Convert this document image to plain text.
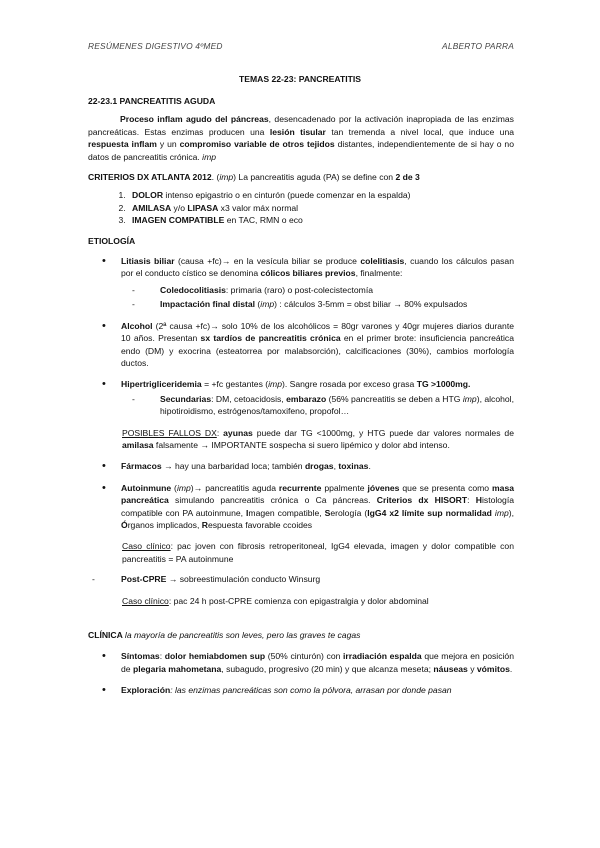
RESÚMENES DIGESTIVO 4ºMED	ALBERTO PARRA
TEMAS 22-23: PANCREATITIS

22-23.1 PANCREATITIS AGUDA

Proceso inflam agudo del páncreas, desencadenado por la activación inapropiada de las enzimas pancreáticas. Estas enzimas producen una lesión tisular tan tremenda a nivel local, que induce una respuesta inflam y un compromiso variable de otros tejidos distantes, independientemente de si hay o no datos de pancreatitis crónica. imp

CRITERIOS DX ATLANTA 2012. (imp) La pancreatitis aguda (PA) se define con 2 de 3

1. DOLOR intenso epigastrio o en cinturón (puede comenzar en la espalda)
2. AMILASA y/o LIPASA x3 valor máx normal
3. IMAGEN COMPATIBLE en TAC, RMN o eco

ETIOLOGÍA

• Litiasis biliar (causa +fc)→ en la vesícula biliar se produce colelitiasis, cuando los cálculos pasan por el conducto cístico se denomina cólicos biliares previos, finalmente:
- Coledocolitiasis: primaria (raro) o post-colecistectomía
- Impactación final distal (imp) : cálculos 3-5mm = obst biliar → 80% expulsados
• Alcohol (2ª causa +fc)→ solo 10% de los alcohólicos = 80gr varones y 40gr mujeres diarios durante 10 años. Presentan sx tardíos de pancreatitis crónica en el primer brote: insuficiencia pancreática endo (DM) y exocrina (esteatorrea por malabsorción), calcificaciones (30%), cambios morfología ductos.
• Hipertrigliceridemia = +fc gestantes (imp). Sangre rosada por exceso grasa TG >1000mg.
- Secundarias: DM, cetoacidosis, embarazo (56% pancreatitis se deben a HTG imp), alcohol, hipotiroidismo, estrógenos/tamoxifeno, propofol…
POSIBLES FALLOS DX: ayunas puede dar TG <1000mg, y HTG puede dar valores normales de amilasa falsamente → IMPORTANTE sospecha si suero lipémico y dolor abd intenso.
• Fármacos → hay una barbaridad loca; también drogas, toxinas.
• Autoinmune (imp)→ pancreatitis aguda recurrente ppalmente jóvenes que se presenta como masa pancreática simulando pancreatitis crónica o Ca páncreas. Criterios dx HISORT: Histología compatible con PA autoinmune, Imagen compatible, Serología (IgG4 x2 límite sup normalidad imp), Órganos implicados, Respuesta favorable ccoides
Caso clínico: pac joven con fibrosis retroperitoneal, IgG4 elevada, imagen y dolor compatible con pancreatitis = PA autoinmune
- Post-CPRE → sobreestimulación conducto Winsurg
Caso clínico: pac 24 h post-CPRE comienza con epigastralgia y dolor abdominal

CLÍNICA la mayoría de pancreatitis son leves, pero las graves te cagas

• Síntomas: dolor hemiabdomen sup (50% cinturón) con irradiación espalda que mejora en posición de plegaria mahometana, subagudo, progresivo (20 min) y que alcanza meseta; náuseas y vómitos.
• Exploración: las enzimas pancreáticas son como la pólvora, arrasan por donde pasan
